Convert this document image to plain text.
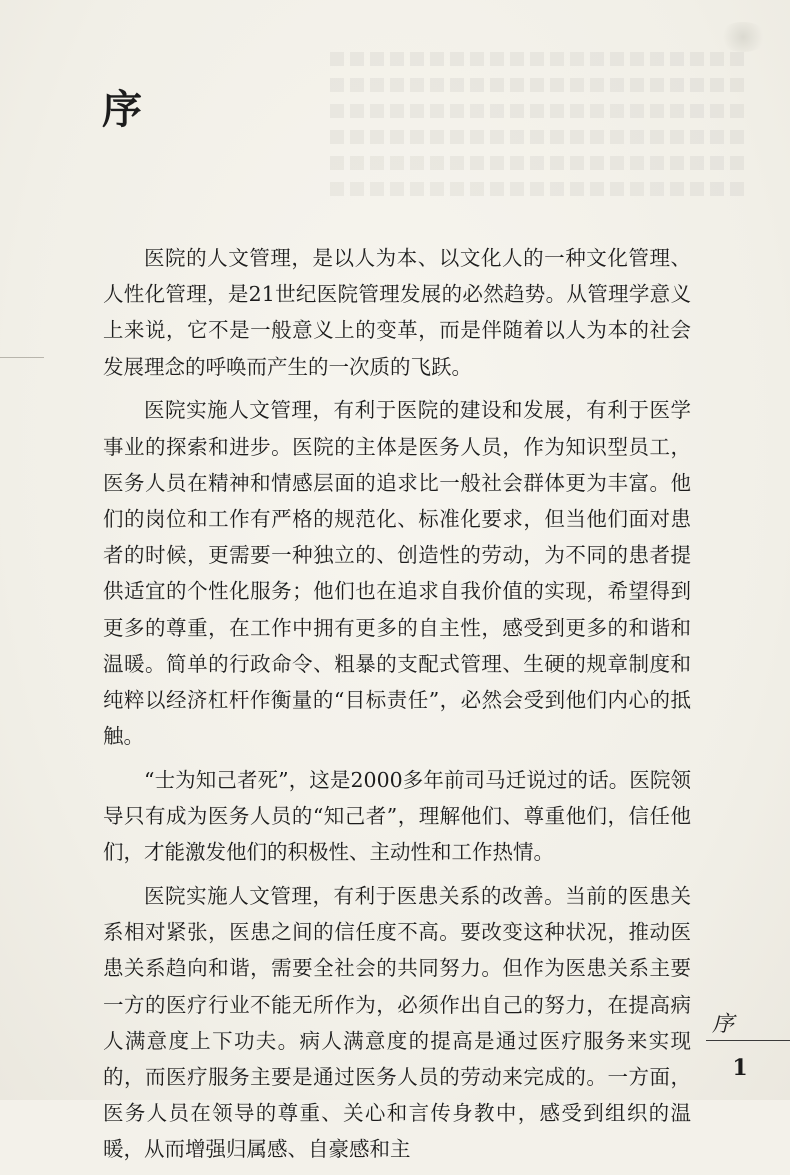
序

医院的人文管理，是以人为本、以文化人的一种文化管理、人性化管理，是21世纪医院管理发展的必然趋势。从管理学意义上来说，它不是一般意义上的变革，而是伴随着以人为本的社会发展理念的呼唤而产生的一次质的飞跃。

医院实施人文管理，有利于医院的建设和发展，有利于医学事业的探索和进步。医院的主体是医务人员，作为知识型员工，医务人员在精神和情感层面的追求比一般社会群体更为丰富。他们的岗位和工作有严格的规范化、标准化要求，但当他们面对患者的时候，更需要一种独立的、创造性的劳动，为不同的患者提供适宜的个性化服务；他们也在追求自我价值的实现，希望得到更多的尊重，在工作中拥有更多的自主性，感受到更多的和谐和温暖。简单的行政命令、粗暴的支配式管理、生硬的规章制度和纯粹以经济杠杆作衡量的“目标责任”，必然会受到他们内心的抵触。

“士为知己者死”，这是2000多年前司马迁说过的话。医院领导只有成为医务人员的“知己者”，理解他们、尊重他们，信任他们，才能激发他们的积极性、主动性和工作热情。

医院实施人文管理，有利于医患关系的改善。当前的医患关系相对紧张，医患之间的信任度不高。要改变这种状况，推动医患关系趋向和谐，需要全社会的共同努力。但作为医患关系主要一方的医疗行业不能无所作为，必须作出自己的努力，在提高病人满意度上下功夫。病人满意度的提高是通过医疗服务来实现的，而医疗服务主要是通过医务人员的劳动来完成的。一方面，医务人员在领导的尊重、关心和言传身教中，感受到组织的温暖，从而增强归属感、自豪感和主

序
1
